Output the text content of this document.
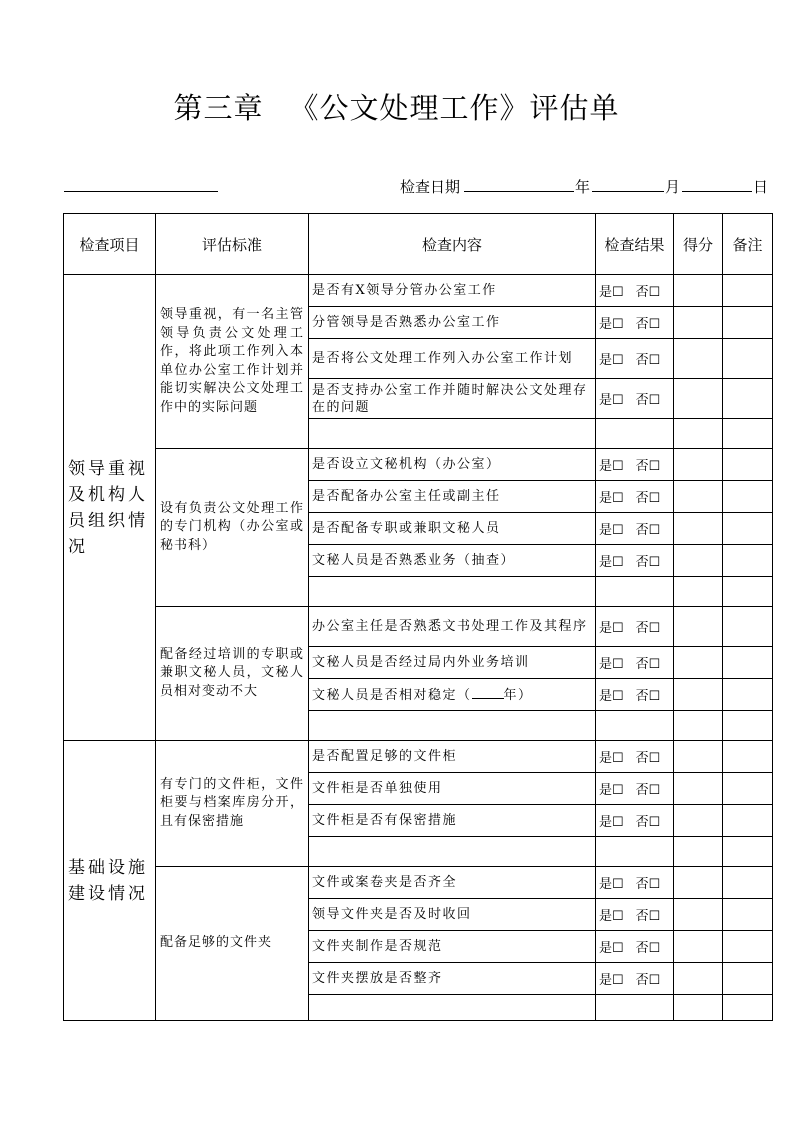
第三章 《公文处理工作》评估单
检查日期	年	月	日
检查项目	评估标准	检查内容	检查结果	得分	备注
领导重视及机构人员组织情况	领导重视，有一名主管领导负责公文处理工作，将此项工作列入本单位办公室工作计划并能切实解决公文处理工作中的实际问题	是否有X领导分管办公室工作	是☐ 否☐		
		分管领导是否熟悉办公室工作	是☐ 否☐		
		是否将公文处理工作列入办公室工作计划	是☐ 否☐		
		是否支持办公室工作并随时解决公文处理存在的问题	是☐ 否☐		

	设有负责公文处理工作的专门机构（办公室或秘书科）	是否设立文秘机构（办公室）	是☐ 否☐		
		是否配备办公室主任或副主任	是☐ 否☐		
		是否配备专职或兼职文秘人员	是☐ 否☐		
		文秘人员是否熟悉业务（抽查）	是☐ 否☐		

	配备经过培训的专职或兼职文秘人员，文秘人员相对变动不大	办公室主任是否熟悉文书处理工作及其程序	是☐ 否☐		
		文秘人员是否经过局内外业务培训	是☐ 否☐		
		文秘人员是否相对稳定（ 年）	是☐ 否☐		

基础设施建设情况	有专门的文件柜，文件柜要与档案库房分开，且有保密措施	是否配置足够的文件柜	是☐ 否☐		
		文件柜是否单独使用	是☐ 否☐		
		文件柜是否有保密措施	是☐ 否☐		

	配备足够的文件夹	文件或案卷夹是否齐全	是☐ 否☐		
		领导文件夹是否及时收回	是☐ 否☐		
		文件夹制作是否规范	是☐ 否☐		
		文件夹摆放是否整齐	是☐ 否☐		
